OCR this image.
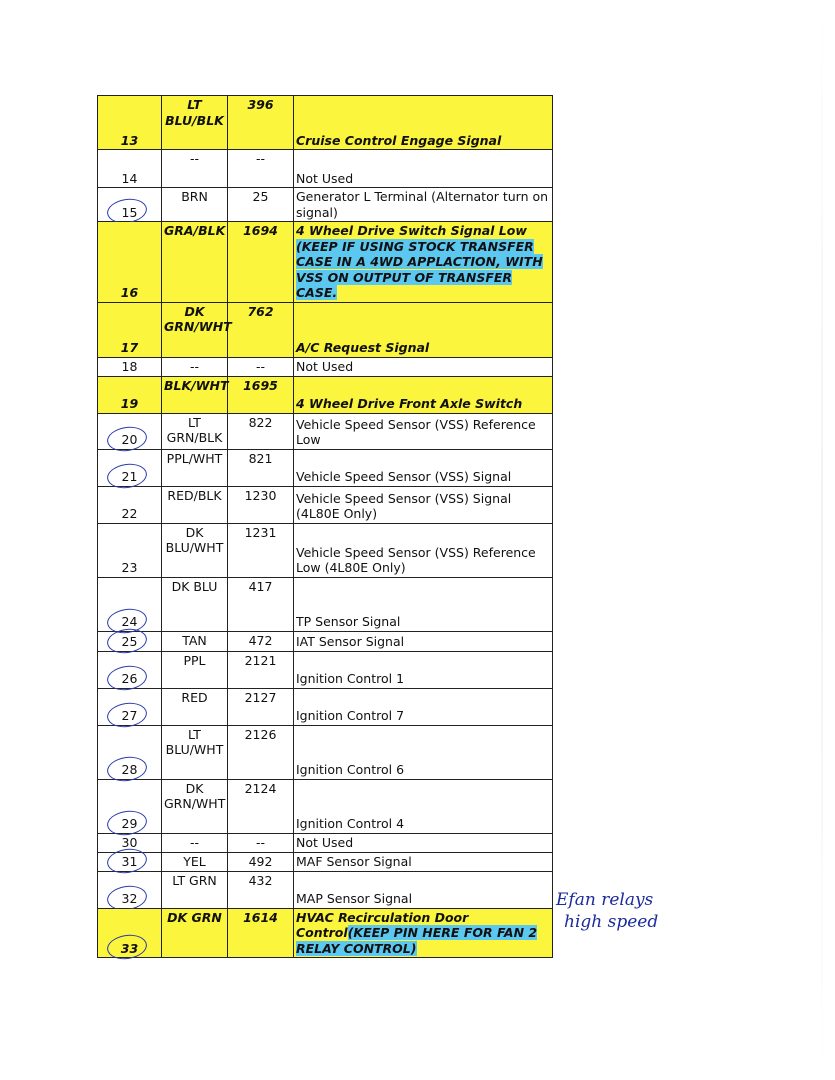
13	LT BLU/BLK	396	Cruise Control Engage Signal
14	--	--	Not Used
15	BRN	25	Generator L Terminal (Alternator turn on signal)
16	GRA/BLK	1694	4 Wheel Drive Switch Signal Low (KEEP IF USING STOCK TRANSFER CASE IN A 4WD APPLACTION, WITH VSS ON OUTPUT OF TRANSFER CASE.
17	DK GRN/WHT	762	A/C Request Signal
18	--	--	Not Used
19	BLK/WHT	1695	4 Wheel Drive Front Axle Switch
20	LT GRN/BLK	822	Vehicle Speed Sensor (VSS) Reference Low
21	PPL/WHT	821	Vehicle Speed Sensor (VSS) Signal
22	RED/BLK	1230	Vehicle Speed Sensor (VSS) Signal (4L80E Only)
23	DK BLU/WHT	1231	Vehicle Speed Sensor (VSS) Reference Low (4L80E Only)
24	DK BLU	417	TP Sensor Signal
25	TAN	472	IAT Sensor Signal
26	PPL	2121	Ignition Control 1
27	RED	2127	Ignition Control 7
28	LT BLU/WHT	2126	Ignition Control 6
29	DK GRN/WHT	2124	Ignition Control 4
30	--	--	Not Used
31	YEL	492	MAF Sensor Signal
32	LT GRN	432	MAP Sensor Signal
33	DK GRN	1614	HVAC Recirculation Door Control(KEEP PIN HERE FOR FAN 2 RELAY CONTROL)
Efan relays
high speed
